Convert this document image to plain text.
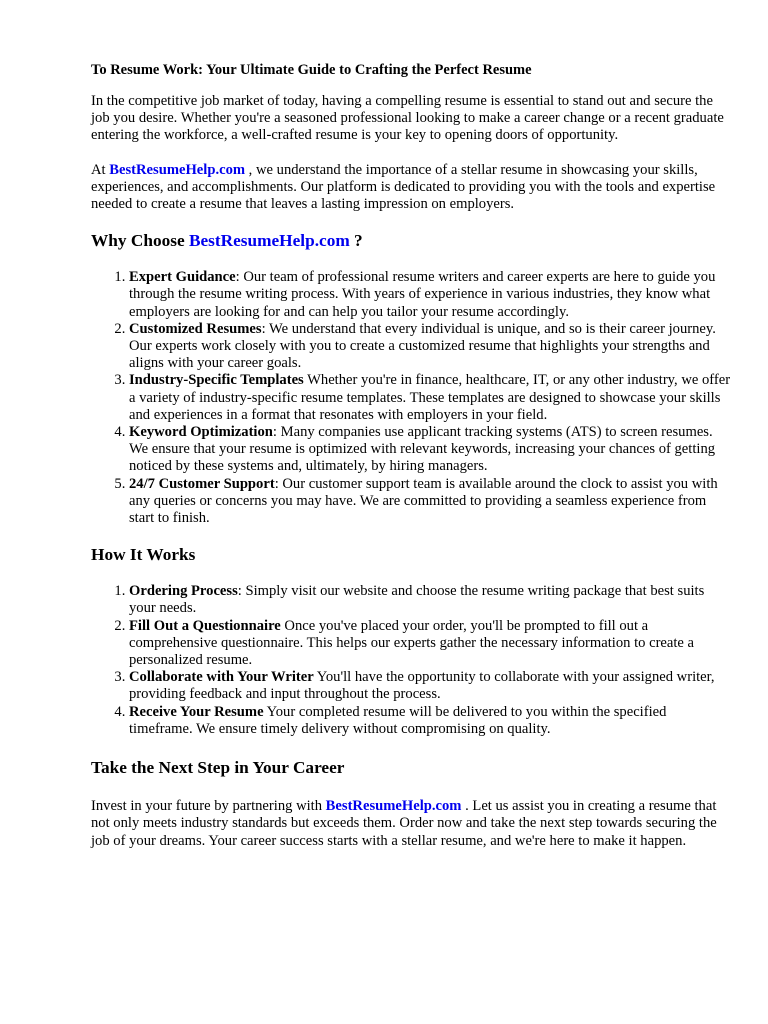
To Resume Work: Your Ultimate Guide to Crafting the Perfect Resume

In the competitive job market of today, having a compelling resume is essential to stand out and secure the job you desire. Whether you're a seasoned professional looking to make a career change or a recent graduate entering the workforce, a well-crafted resume is your key to opening doors of opportunity.

At BestResumeHelp.com , we understand the importance of a stellar resume in showcasing your skills, experiences, and accomplishments. Our platform is dedicated to providing you with the tools and expertise needed to create a resume that leaves a lasting impression on employers.

Why Choose BestResumeHelp.com ?
1. Expert Guidance: Our team of professional resume writers and career experts are here to guide you through the resume writing process. With years of experience in various industries, they know what employers are looking for and can help you tailor your resume accordingly.
2. Customized Resumes: We understand that every individual is unique, and so is their career journey. Our experts work closely with you to create a customized resume that highlights your strengths and aligns with your career goals.
3. Industry-Specific Templates Whether you're in finance, healthcare, IT, or any other industry, we offer a variety of industry-specific resume templates. These templates are designed to showcase your skills and experiences in a format that resonates with employers in your field.
4. Keyword Optimization: Many companies use applicant tracking systems (ATS) to screen resumes. We ensure that your resume is optimized with relevant keywords, increasing your chances of getting noticed by these systems and, ultimately, by hiring managers.
5. 24/7 Customer Support: Our customer support team is available around the clock to assist you with any queries or concerns you may have. We are committed to providing a seamless experience from start to finish.
How It Works
1. Ordering Process: Simply visit our website and choose the resume writing package that best suits your needs.
2. Fill Out a Questionnaire Once you've placed your order, you'll be prompted to fill out a comprehensive questionnaire. This helps our experts gather the necessary information to create a personalized resume.
3. Collaborate with Your Writer You'll have the opportunity to collaborate with your assigned writer, providing feedback and input throughout the process.
4. Receive Your Resume Your completed resume will be delivered to you within the specified timeframe. We ensure timely delivery without compromising on quality.
Take the Next Step in Your Career

Invest in your future by partnering with BestResumeHelp.com . Let us assist you in creating a resume that not only meets industry standards but exceeds them. Order now and take the next step towards securing the job of your dreams. Your career success starts with a stellar resume, and we're here to make it happen.
